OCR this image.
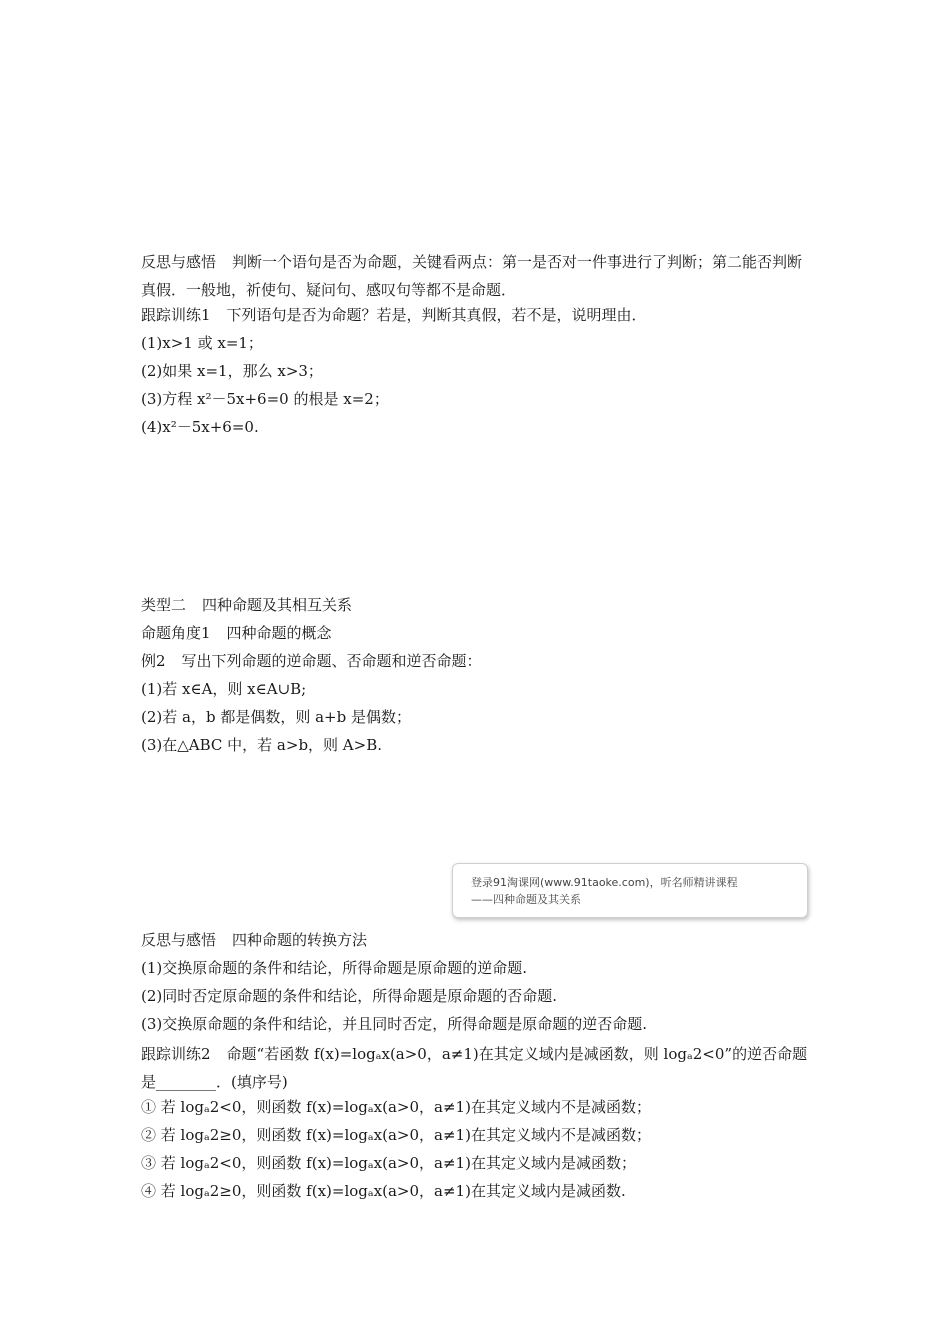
反思与感悟 判断一个语句是否为命题，关键看两点：第一是否对一件事进行了判断；第二能否判断真假．一般地，祈使句、疑问句、感叹句等都不是命题．
跟踪训练1 下列语句是否为命题？若是，判断其真假，若不是，说明理由．
(1)x>1 或 x=1；
(2)如果 x=1，那么 x>3；
(3)方程 x²－5x+6=0 的根是 x=2；
(4)x²－5x+6=0.
类型二 四种命题及其相互关系
命题角度1 四种命题的概念
例2 写出下列命题的逆命题、否命题和逆否命题：
(1)若 x∈A，则 x∈A∪B;
(2)若 a，b 都是偶数，则 a+b 是偶数；
(3)在△ABC 中，若 a>b，则 A>B.
登录91淘课网(www.91taoke.com)，听名师精讲课程
——四种命题及其关系
反思与感悟 四种命题的转换方法
(1)交换原命题的条件和结论，所得命题是原命题的逆命题.
(2)同时否定原命题的条件和结论，所得命题是原命题的否命题.
(3)交换原命题的条件和结论，并且同时否定，所得命题是原命题的逆否命题.
跟踪训练2 命题“若函数 f(x)=logₐx(a>0，a≠1)在其定义域内是减函数，则 logₐ2<0”的逆否命题是________．(填序号)
① 若 logₐ2<0，则函数 f(x)=logₐx(a>0，a≠1)在其定义域内不是减函数；
② 若 logₐ2≥0，则函数 f(x)=logₐx(a>0，a≠1)在其定义域内不是减函数；
③ 若 logₐ2<0，则函数 f(x)=logₐx(a>0，a≠1)在其定义域内是减函数；
④ 若 logₐ2≥0，则函数 f(x)=logₐx(a>0，a≠1)在其定义域内是减函数.
